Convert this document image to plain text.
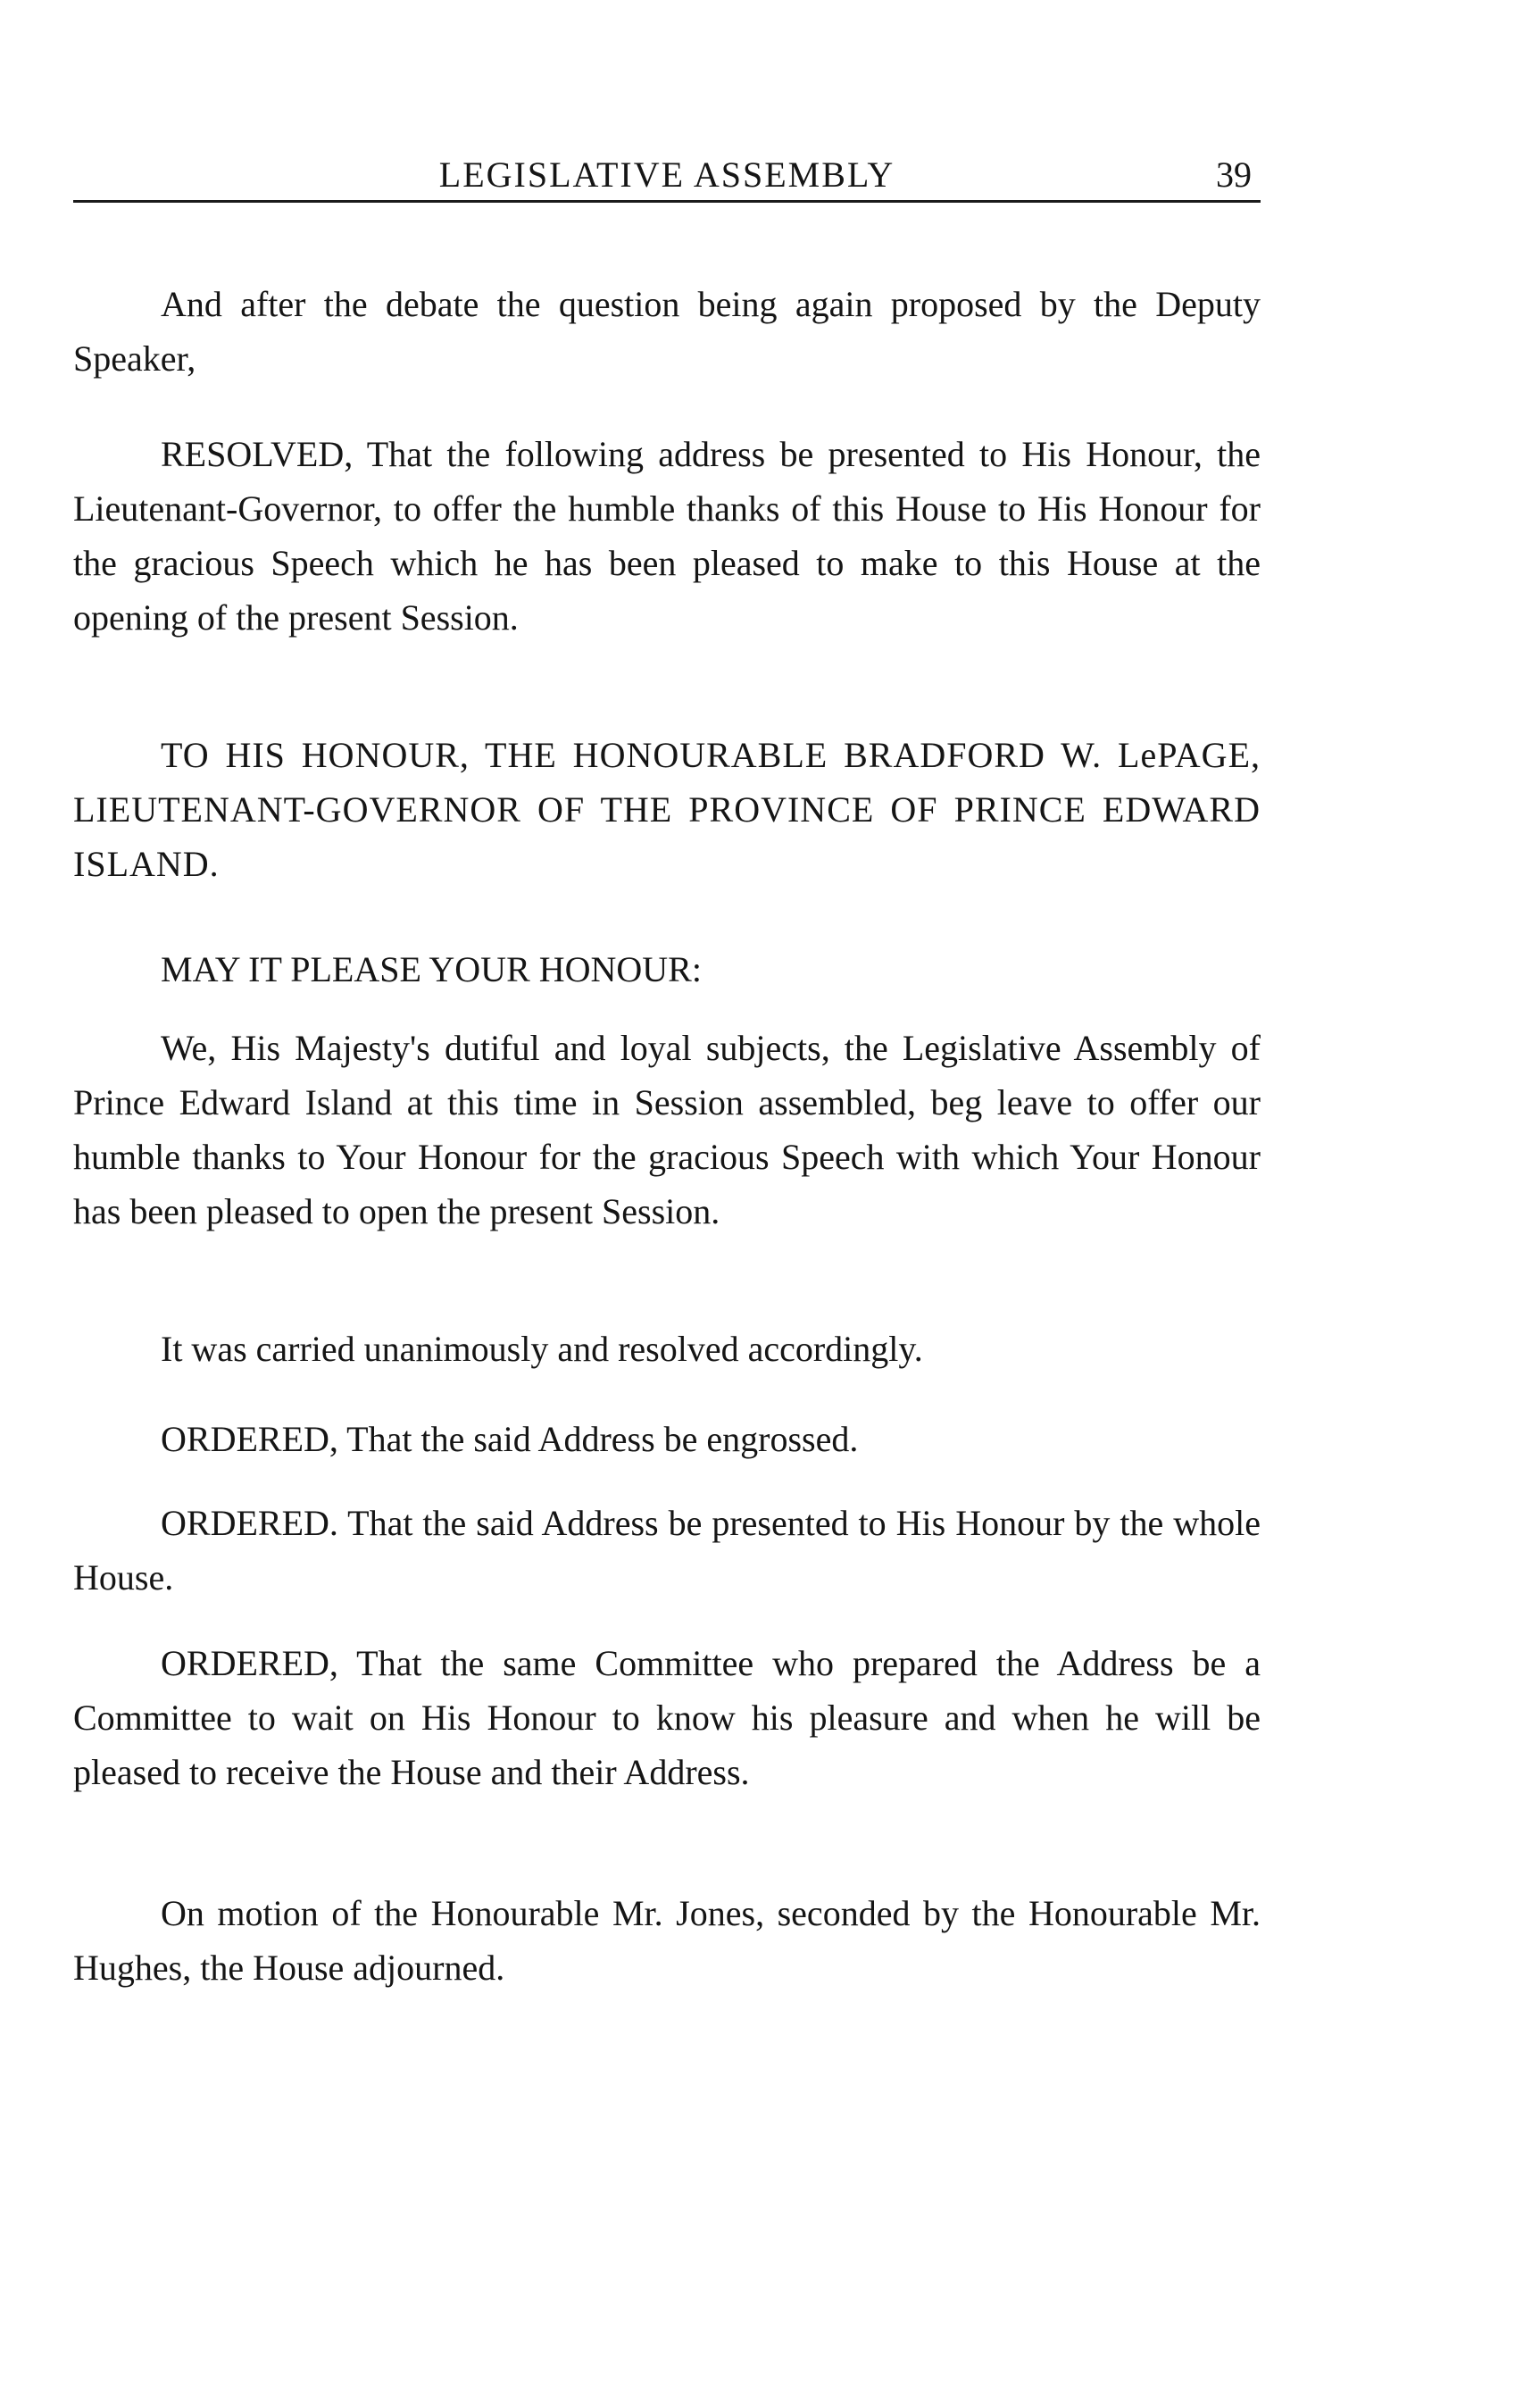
LEGISLATIVE ASSEMBLY	39

And after the debate the question being again proposed by the Deputy Speaker,

RESOLVED, That the following address be presented to His Honour, the Lieutenant-Governor, to offer the humble thanks of this House to His Honour for the gracious Speech which he has been pleased to make to this House at the opening of the present Session.

TO HIS HONOUR, THE HONOURABLE BRADFORD W. LePAGE, LIEUTENANT-GOVERNOR OF THE PROVINCE OF PRINCE EDWARD ISLAND.

MAY IT PLEASE YOUR HONOUR:

We, His Majesty's dutiful and loyal subjects, the Legislative Assembly of Prince Edward Island at this time in Session assembled, beg leave to offer our humble thanks to Your Honour for the gracious Speech with which Your Honour has been pleased to open the present Session.

It was carried unanimously and resolved accordingly.

ORDERED, That the said Address be engrossed.

ORDERED. That the said Address be presented to His Honour by the whole House.

ORDERED, That the same Committee who prepared the Address be a Committee to wait on His Honour to know his pleasure and when he will be pleased to receive the House and their Address.

On motion of the Honourable Mr. Jones, seconded by the Honourable Mr. Hughes, the House adjourned.
